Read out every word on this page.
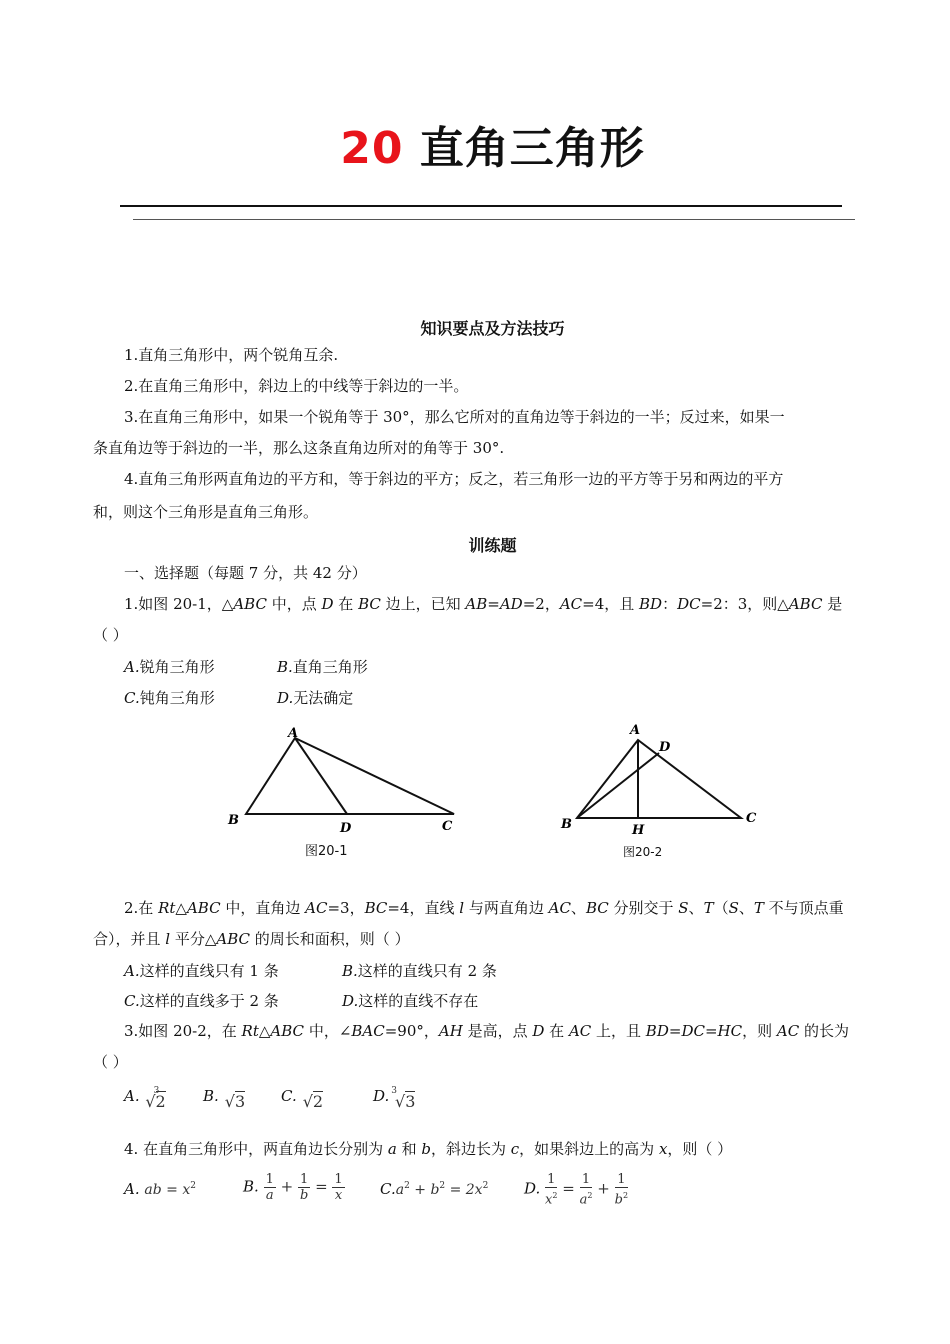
20 直角三角形
知识要点及方法技巧
1.直角三角形中，两个锐角互余.
2.在直角三角形中，斜边上的中线等于斜边的一半。
3.在直角三角形中，如果一个锐角等于 30°，那么它所对的直角边等于斜边的一半；反过来，如果一
条直角边等于斜边的一半，那么这条直角边所对的角等于 30°.
4.直角三角形两直角边的平方和，等于斜边的平方；反之，若三角形一边的平方等于另和两边的平方
和，则这个三角形是直角三角形。
训练题
一、选择题（每题 7 分，共 42 分）
1.如图 20-1，△ABC 中，点 D 在 BC 边上，已知 AB=AD=2，AC=4，且 BD：DC=2：3，则△ABC 是
（ ）
A.锐角三角形	B.直角三角形
C.钝角三角形	D.无法确定
A
B
D	C
图20-1
A
D
B	H
C
图20-2
2.在 Rt△ABC 中，直角边 AC=3，BC=4，直线 l 与两直角边 AC、BC 分别交于 S、T（S、T 不与顶点重
合），并且 l 平分△ABC 的周长和面积，则（ ）
A.这样的直线只有 1 条	B.这样的直线只有 2 条
C.这样的直线多于 2 条	D.这样的直线不存在
3.如图 20-2，在 Rt△ABC 中，∠BAC=90°，AH 是高，点 D 在 AC 上，且 BD=DC=HC，则 AC 的长为
（ ）
A. $^3$√2 B. √3 C. √2	D. $^3$√3
4. 在直角三角形中，两直角边长分别为 a 和 b，斜边长为 c，如果斜边上的高为 x，则（ ）
A. ab = $x^2$	B. $\frac{1}{a} + \frac{1}{b} = \frac{1}{x} C.a^2 + b^2 = 2x^2$ D. $\frac{1}{x^2} = \frac{1}{a^2} + \frac{1}{b^2}$
